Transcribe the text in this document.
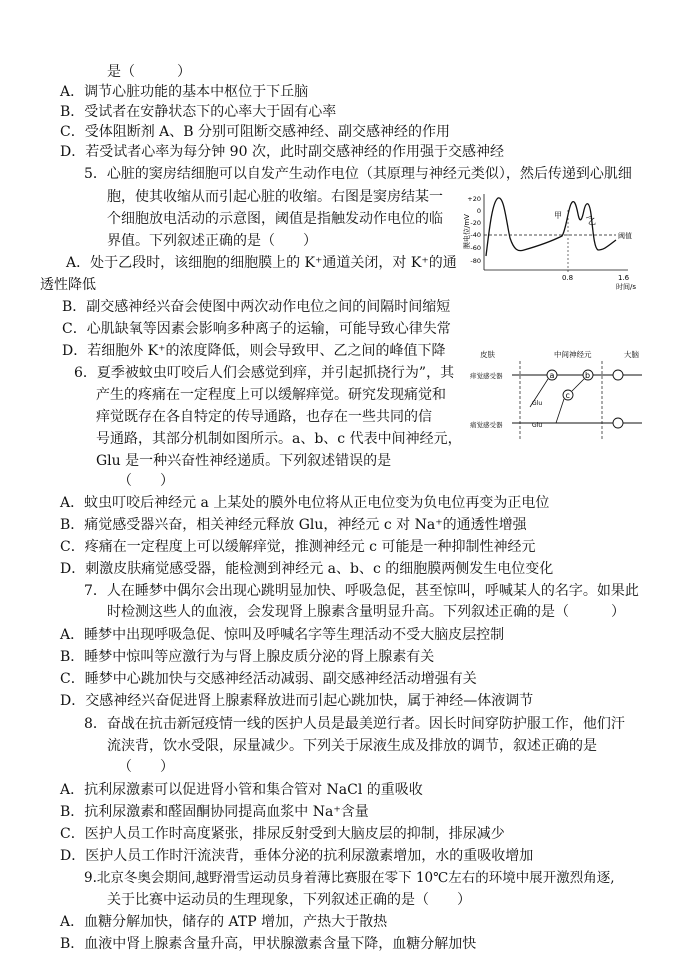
是（　　　）
A．调节心脏功能的基本中枢位于下丘脑
B．受试者在安静状态下的心率大于固有心率
C．受体阻断剂 A、B 分别可阻断交感神经、副交感神经的作用
D．若受试者心率为每分钟 90 次，此时副交感神经的作用强于交感神经
5．心脏的窦房结细胞可以自发产生动作电位（其原理与神经元类似），然后传递到心肌细
胞，使其收缩从而引起心脏的收缩。右图是窦房结某一
个细胞放电活动的示意图，阈值是指触发动作电位的临
界值。下列叙述正确的是（　　）
A．处于乙段时，该细胞的细胞膜上的 K⁺通道关闭，对 K⁺的通
透性降低
B．副交感神经兴奋会使图中两次动作电位之间的间隔时间缩短
C．心肌缺氧等因素会影响多种离子的运输，可能导致心律失常
D．若细胞外 K⁺的浓度降低，则会导致甲、乙之间的峰值下降
6．夏季被蚊虫叮咬后人们会感觉到痒，并引起抓挠行为”，其
产生的疼痛在一定程度上可以缓解痒觉。研究发现痛觉和
痒觉既存在各自特定的传导通路，也存在一些共同的信
号通路，其部分机制如图所示。a、b、c 代表中间神经元，
Glu 是一种兴奋性神经递质。下列叙述错误的是
（　　）
A．蚊虫叮咬后神经元 a 上某处的膜外电位将从正电位变为负电位再变为正电位
B．痛觉感受器兴奋，相关神经元释放 Glu，神经元 c 对 Na⁺的通透性增强
C．疼痛在一定程度上可以缓解痒觉，推测神经元 c 可能是一种抑制性神经元
D．刺激皮肤痛觉感受器，能检测到神经元 a、b、c 的细胞膜两侧发生电位变化
7．人在睡梦中偶尔会出现心跳明显加快、呼吸急促，甚至惊叫，呼喊某人的名字。如果此
时检测这些人的血液，会发现肾上腺素含量明显升高。下列叙述正确的是（　　　）
A．睡梦中出现呼吸急促、惊叫及呼喊名字等生理活动不受大脑皮层控制
B．睡梦中惊叫等应激行为与肾上腺皮质分泌的肾上腺素有关
C．睡梦中心跳加快与交感神经活动减弱、副交感神经活动增强有关
D．交感神经兴奋促进肾上腺素释放进而引起心跳加快，属于神经—体液调节
8．奋战在抗击新冠疫情一线的医护人员是最美逆行者。因长时间穿防护服工作，他们汗
流浃背，饮水受限，尿量减少。下列关于尿液生成及排放的调节，叙述正确的是
（　　）
A．抗利尿激素可以促进肾小管和集合管对 NaCl 的重吸收
B．抗利尿激素和醛固酮协同提高血浆中 Na⁺含量
C．医护人员工作时高度紧张，排尿反射受到大脑皮层的抑制，排尿减少
D．医护人员工作时汗流浃背，垂体分泌的抗利尿激素增加，水的重吸收增加
9.北京冬奥会期间,越野滑雪运动员身着薄比赛服在零下 10℃左右的环境中展开激烈角逐,
关于比赛中运动员的生理现象，下列叙述正确的是（　　）
A．血糖分解加快，储存的 ATP 增加，产热大于散热
B．血液中肾上腺素含量升高，甲状腺激素含量下降，血糖分解加快
膜电位/mV
+20
0
-20
-40
-60
-80
阈值
甲
乙
0.8	1.6
时间/s
皮肤	中间神经元	大脑
痒觉感受器
痛觉感受器
a	b
c
Glu
Glu
